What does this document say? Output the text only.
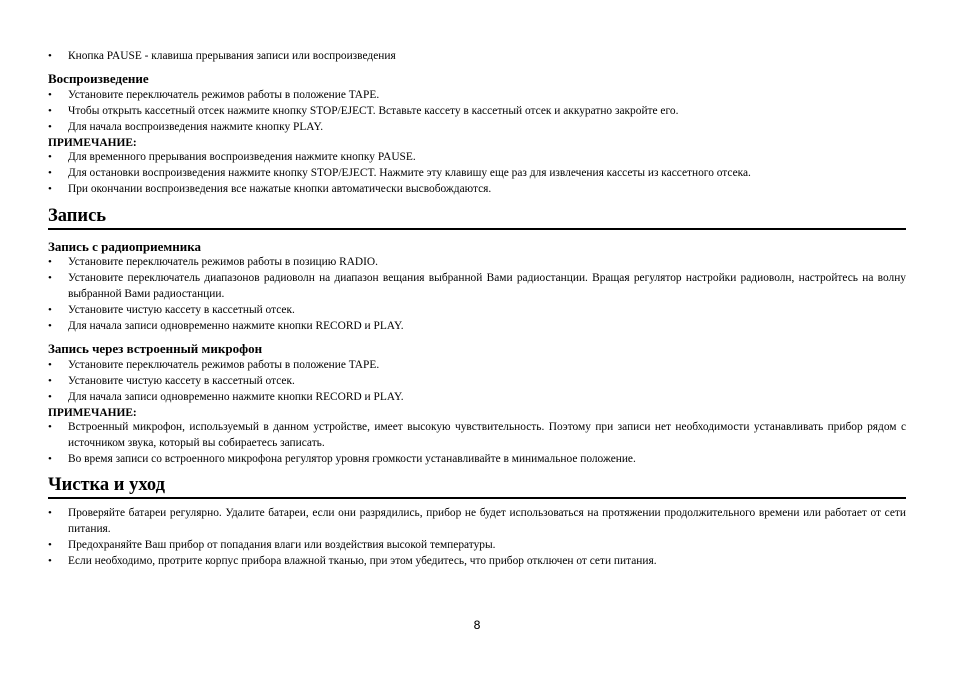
• Кнопка PAUSE - клавиша прерывания записи или воспроизведения
Воспроизведение
• Установите переключатель режимов работы в положение TAPE.
• Чтобы открыть кассетный отсек нажмите кнопку STOP/EJECT. Вставьте кассету в кассетный отсек и аккуратно закройте его.
• Для начала воспроизведения нажмите кнопку PLAY.
ПРИМЕЧАНИЕ:
• Для временного прерывания воспроизведения нажмите кнопку PAUSE.
• Для остановки воспроизведения нажмите кнопку STOP/EJECT. Нажмите эту клавишу еще раз для извлечения кассеты из кассетного отсека.
• При окончании воспроизведения все нажатые кнопки автоматически высвобождаются.
Запись
Запись с радиоприемника
• Установите переключатель режимов работы в позицию RADIO.
• Установите переключатель диапазонов радиоволн на диапазон вещания выбранной Вами радиостанции. Вращая регулятор настройки радиоволн, настройтесь на волну выбранной Вами радиостанции.
• Установите чистую кассету в кассетный отсек.
• Для начала записи одновременно нажмите кнопки RECORD и PLAY.
Запись через встроенный микрофон
• Установите переключатель режимов работы в положение TAPE.
• Установите чистую кассету в кассетный отсек.
• Для начала записи одновременно нажмите кнопки RECORD и PLAY.
ПРИМЕЧАНИЕ:
• Встроенный микрофон, используемый в данном устройстве, имеет высокую чувствительность. Поэтому при записи нет необходимости устанавливать прибор рядом с источником звука, который вы собираетесь записать.
• Во время записи со встроенного микрофона регулятор уровня громкости устанавливайте в минимальное положение.
Чистка и уход
• Проверяйте батареи регулярно. Удалите батареи, если они разрядились, прибор не будет использоваться на протяжении продолжительного времени или работает от сети питания.
• Предохраняйте Ваш прибор от попадания влаги или воздействия высокой температуры.
• Если необходимо, протрите корпус прибора влажной тканью, при этом убедитесь, что прибор отключен от сети питания.
8
